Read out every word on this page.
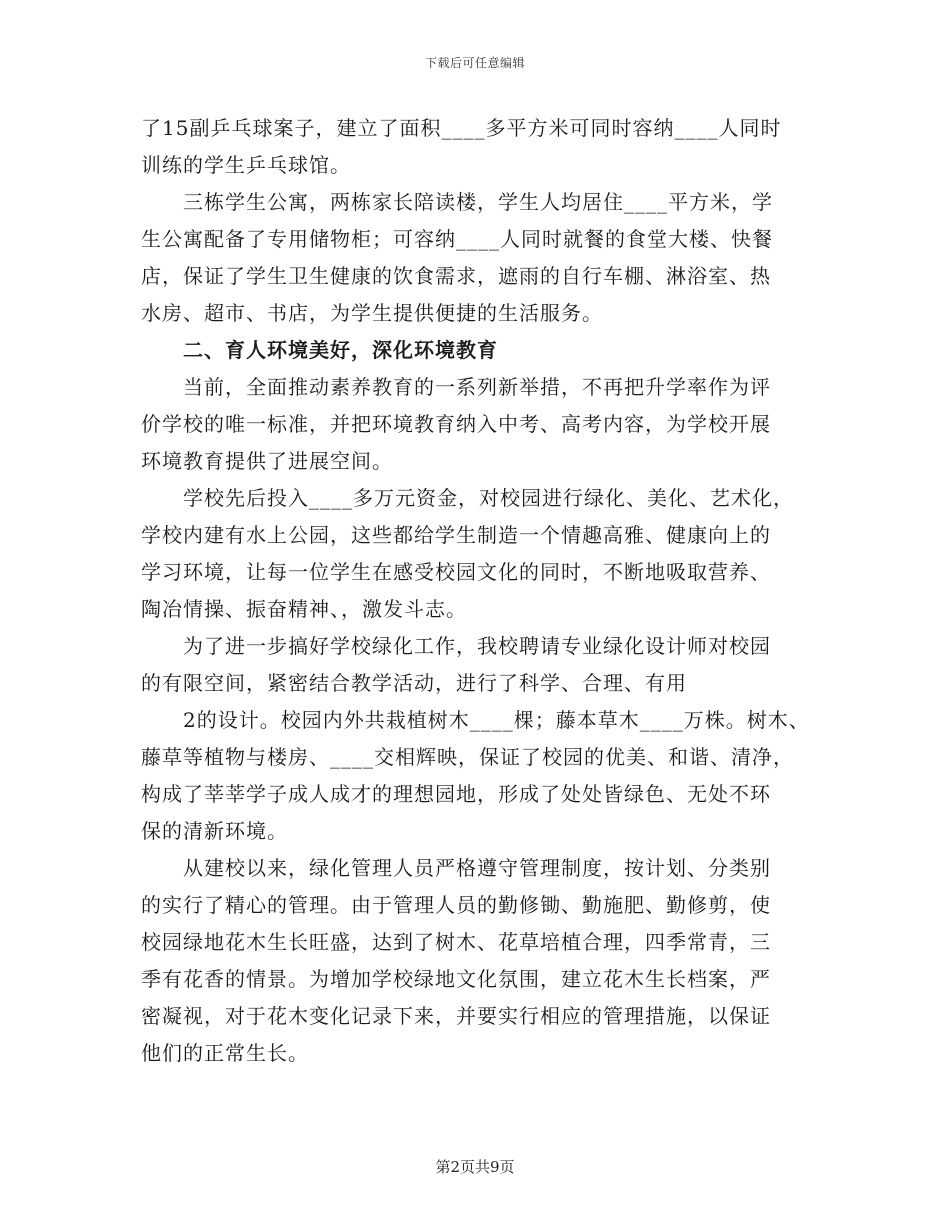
下载后可任意编辑
了15副乒乓球案子，建立了面积____多平方米可同时容纳____人同时
训练的学生乒乓球馆。
　　三栋学生公寓，两栋家长陪读楼，学生人均居住____平方米，学
生公寓配备了专用储物柜；可容纳____人同时就餐的食堂大楼、快餐
店，保证了学生卫生健康的饮食需求，遮雨的自行车棚、淋浴室、热
水房、超市、书店，为学生提供便捷的生活服务。
　　二、育人环境美好，深化环境教育
　　当前，全面推动素养教育的一系列新举措，不再把升学率作为评
价学校的唯一标准，并把环境教育纳入中考、高考内容，为学校开展
环境教育提供了进展空间。
　　学校先后投入____多万元资金，对校园进行绿化、美化、艺术化，
学校内建有水上公园，这些都给学生制造一个情趣高雅、健康向上的
学习环境，让每一位学生在感受校园文化的同时，不断地吸取营养、
陶冶情操、振奋精神、，激发斗志。
　　为了进一步搞好学校绿化工作，我校聘请专业绿化设计师对校园
的有限空间，紧密结合教学活动，进行了科学、合理、有用
　　2的设计。校园内外共栽植树木____棵；藤本草木____万株。树木、
藤草等植物与楼房、____交相辉映，保证了校园的优美、和谐、清净，
构成了莘莘学子成人成才的理想园地，形成了处处皆绿色、无处不环
保的清新环境。
　　从建校以来，绿化管理人员严格遵守管理制度，按计划、分类别
的实行了精心的管理。由于管理人员的勤修锄、勤施肥、勤修剪，使
校园绿地花木生长旺盛，达到了树木、花草培植合理，四季常青，三
季有花香的情景。为增加学校绿地文化氛围，建立花木生长档案，严
密凝视，对于花木变化记录下来，并要实行相应的管理措施，以保证
他们的正常生长。
第2页共9页
